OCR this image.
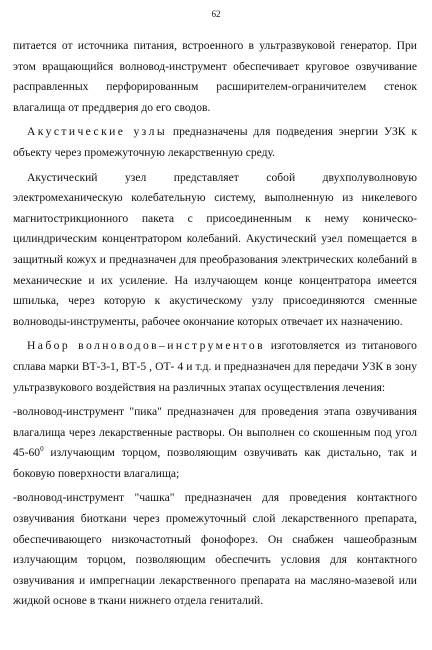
62

питается от источника питания, встроенного в ультразвуковой генератор. При этом вращающийся волновод-инструмент обеспечивает круговое озвучивание расправленных перфорированным расширителем-ограничителем стенок влагалища от преддверия до его сводов.

Акустические узлы предназначены для подведения энергии УЗК к объекту через промежуточную лекарственную среду.

Акустический узел представляет собой двухполуволновую электромеханическую колебательную систему, выполненную из никелевого магнитострикционного пакета с присоединенным к нему коническо-цилиндрическим концентратором колебаний. Акустический узел помещается в защитный кожух и предназначен для преобразования электрических колебаний в механические и их усиление. На излучающем конце концентратора имеется шпилька, через которую к акустическому узлу присоединяются сменные волноводы-инструменты, рабочее окончание которых отвечает их назначению.

Набор волноводов–инструментов изготовляется из титанового сплава марки ВТ-3-1, ВТ-5 , ОТ- 4 и т.д. и предназначен для передачи УЗК в зону ультразвукового воздействия на различных этапах осуществления лечения:

-волновод-инструмент "пика" предназначен для проведения этапа озвучивания влагалища через лекарственные растворы. Он выполнен со скошенным под угол $45-60^0$ излучающим торцом, позволяющим озвучивать как дистально, так и боковую поверхности влагалища;

-волновод-инструмент "чашка" предназначен для проведения контактного озвучивания биоткани через промежуточный слой лекарственного препарата, обеспечивающего низкочастотный фонофорез. Он снабжен чашеобразным излучающим торцом, позволяющим обеспечить условия для контактного озвучивания и импрегнации лекарственного препарата на масляно-мазевой или жидкой основе в ткани нижнего отдела гениталий.
